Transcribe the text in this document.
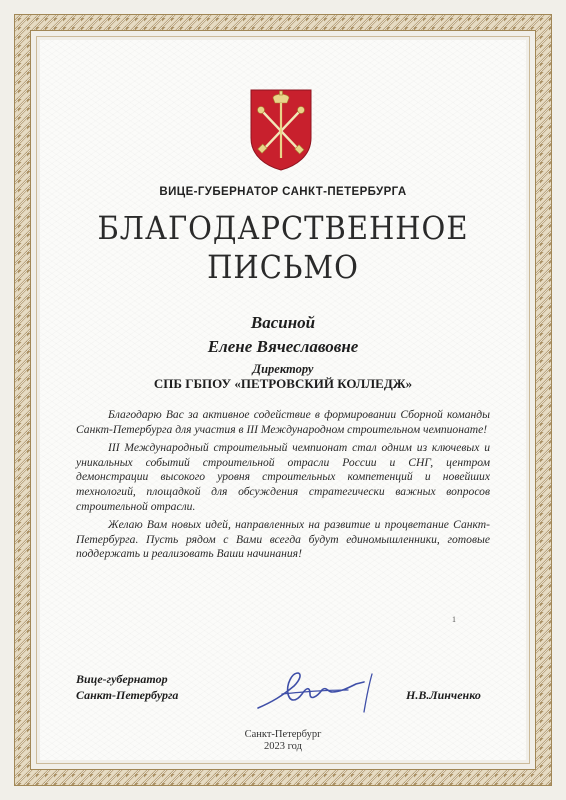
ВИЦЕ-ГУБЕРНАТОР САНКТ-ПЕТЕРБУРГА
БЛАГОДАРСТВЕННОЕ
ПИСЬМО
Васиной
Елене Вячеславовне
Директору
СПБ ГБПОУ «ПЕТРОВСКИЙ КОЛЛЕДЖ»

Благодарю Вас за активное содействие в формировании Сборной команды Санкт-Петербурга для участия в III Международном строительном чемпионате!

III Международный строительный чемпионат стал одним из ключевых и уникальных событий строительной отрасли России и СНГ, центром демонстрации высокого уровня строительных компетенций и новейших технологий, площадкой для обсуждения стратегически важных вопросов строительной отрасли.

Желаю Вам новых идей, направленных на развитие и процветание Санкт-Петербурга. Пусть рядом с Вами всегда будут единомышленники, готовые поддержать и реализовать Ваши начинания!

1
Вице-губернатор
Санкт-Петербурга	Н.В.Линченко
Санкт-Петербург
2023 год
